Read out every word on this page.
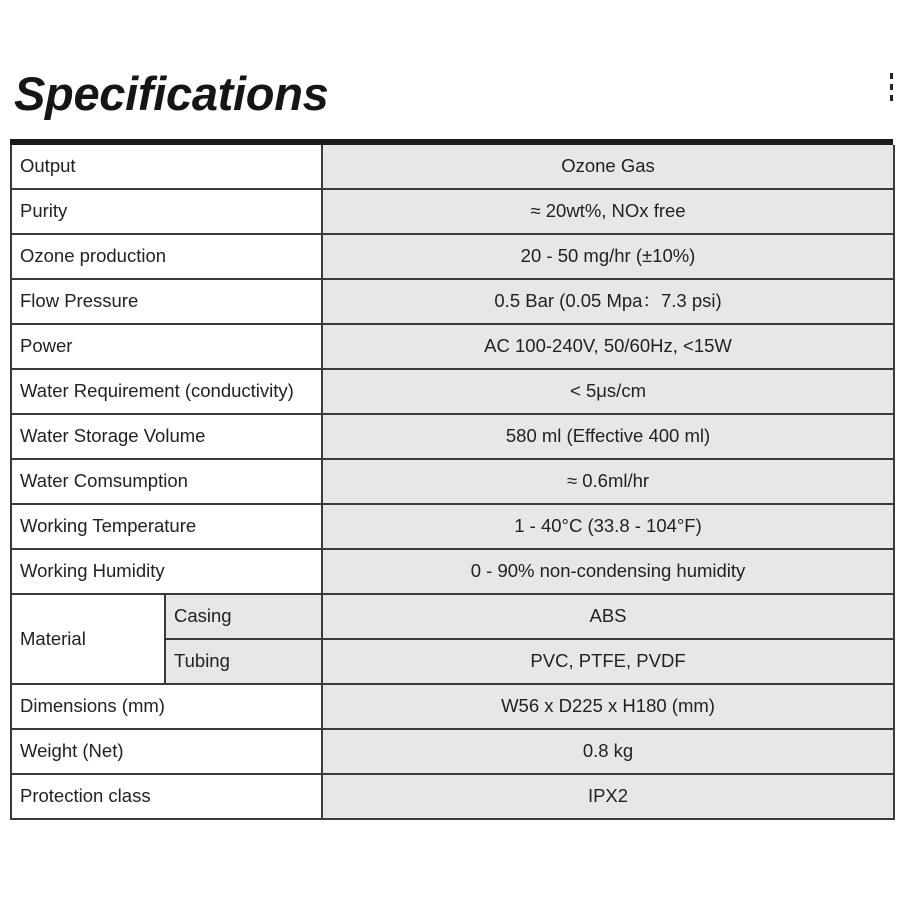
Specifications
Output		Ozone Gas
Purity		≈ 20wt%, NOx free
Ozone production		20 - 50 mg/hr (±10%)
Flow Pressure		0.5 Bar (0.05 Mpa：7.3 psi)
Power		AC 100-240V, 50/60Hz, <15W
Water Requirement (conductivity)		< 5μs/cm
Water Storage Volume		580 ml (Effective 400 ml)
Water Comsumption		≈ 0.6ml/hr
Working Temperature		1 - 40°C (33.8 - 104°F)
Working Humidity		0 - 90% non-condensing humidity
Material	Casing	ABS
	Tubing	PVC, PTFE, PVDF
Dimensions (mm)		W56 x D225 x H180 (mm)
Weight (Net)		0.8 kg
Protection class		IPX2
